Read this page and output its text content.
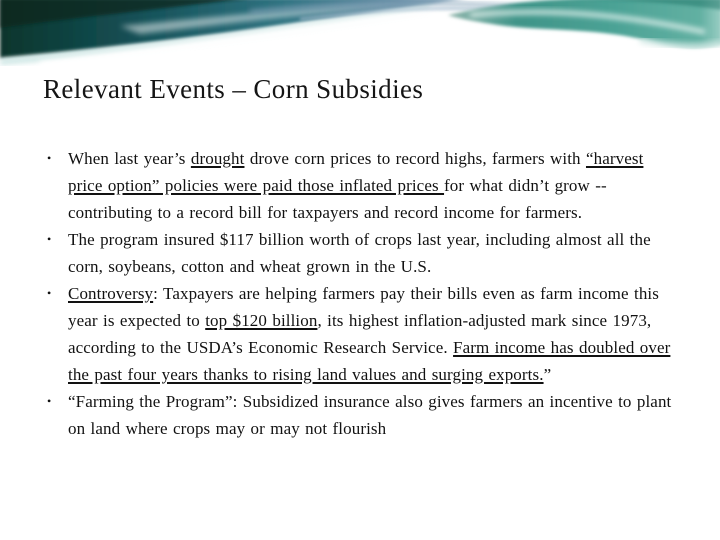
Relevant Events – Corn Subsidies
• When last year’s drought drove corn prices to record highs, farmers with “harvest price option” policies were paid those inflated prices for what didn’t grow -- contributing to a record bill for taxpayers and record income for farmers.
• The program insured $117 billion worth of crops last year, including almost all the corn, soybeans, cotton and wheat grown in the U.S.
• Controversy: Taxpayers are helping farmers pay their bills even as farm income this year is expected to top $120 billion, its highest inflation-adjusted mark since 1973, according to the USDA’s Economic Research Service. Farm income has doubled over the past four years thanks to rising land values and surging exports.”
• “Farming the Program”: Subsidized insurance also gives farmers an incentive to plant on land where crops may or may not flourish
